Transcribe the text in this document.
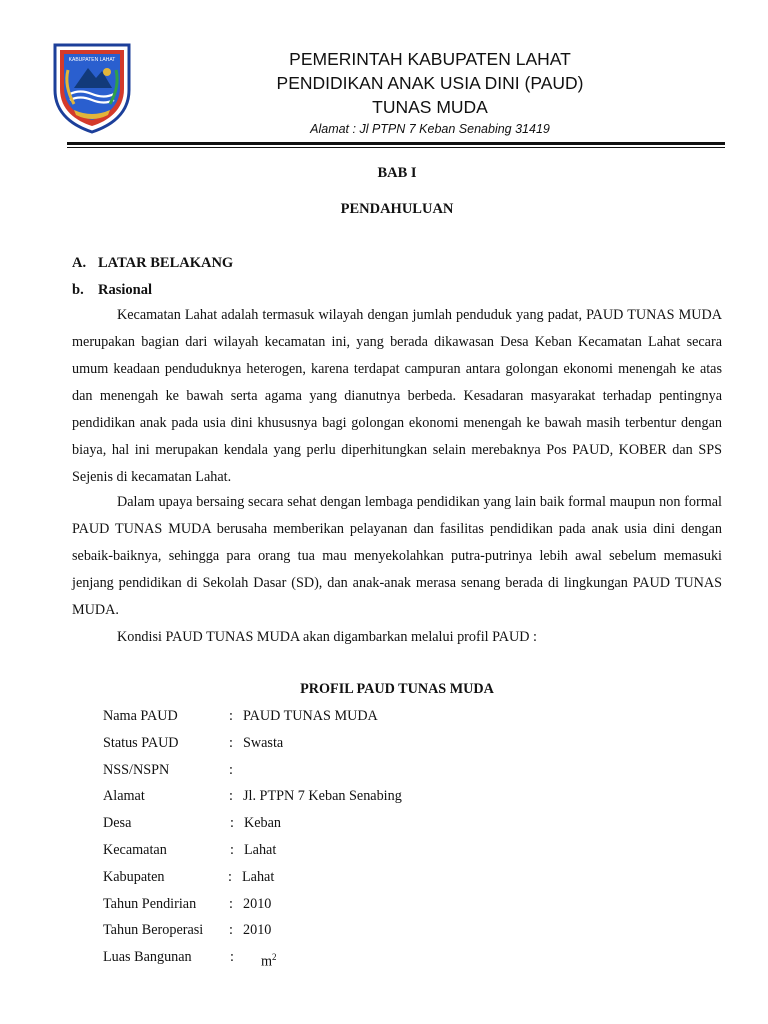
KABUPATEN LAHAT	PEMERINTAH KABUPATEN LAHAT
PENDIDIKAN ANAK USIA DINI (PAUD)
TUNAS MUDA
Alamat : Jl PTPN 7 Keban Senabing 31419
BAB I
PENDAHULUAN
A. LATAR BELAKANG
b. Rasional

Kecamatan Lahat adalah termasuk wilayah dengan jumlah penduduk yang padat, PAUD TUNAS MUDA merupakan bagian dari wilayah kecamatan ini, yang berada dikawasan Desa Keban Kecamatan Lahat secara umum keadaan penduduknya heterogen, karena terdapat campuran antara golongan ekonomi menengah ke atas dan menengah ke bawah serta agama yang dianutnya berbeda. Kesadaran masyarakat terhadap pentingnya pendidikan anak pada usia dini khususnya bagi golongan ekonomi menengah ke bawah masih terbentur dengan biaya, hal ini merupakan kendala yang perlu diperhitungkan selain merebaknya Pos PAUD, KOBER dan SPS Sejenis di kecamatan Lahat.

Dalam upaya bersaing secara sehat dengan lembaga pendidikan yang lain baik formal maupun non formal PAUD TUNAS MUDA berusaha memberikan pelayanan dan fasilitas pendidikan pada anak usia dini dengan sebaik-baiknya, sehingga para orang tua mau menyekolahkan putra-putrinya lebih awal sebelum memasuki jenjang pendidikan di Sekolah Dasar (SD), dan anak-anak merasa senang berada di lingkungan PAUD TUNAS MUDA.

Kondisi PAUD TUNAS MUDA akan digambarkan melalui profil PAUD :

PROFIL PAUD TUNAS MUDA
Nama PAUD	: PAUD TUNAS MUDA
Status PAUD	: Swasta
NSS/NSPN	:
Alamat	: Jl. PTPN 7 Keban Senabing
Desa	: Keban
Kecamatan	: Lahat
Kabupaten	: Lahat
Tahun Pendirian : 2010
Tahun Beroperasi : 2010
Luas Bangunan	: $m^2$
